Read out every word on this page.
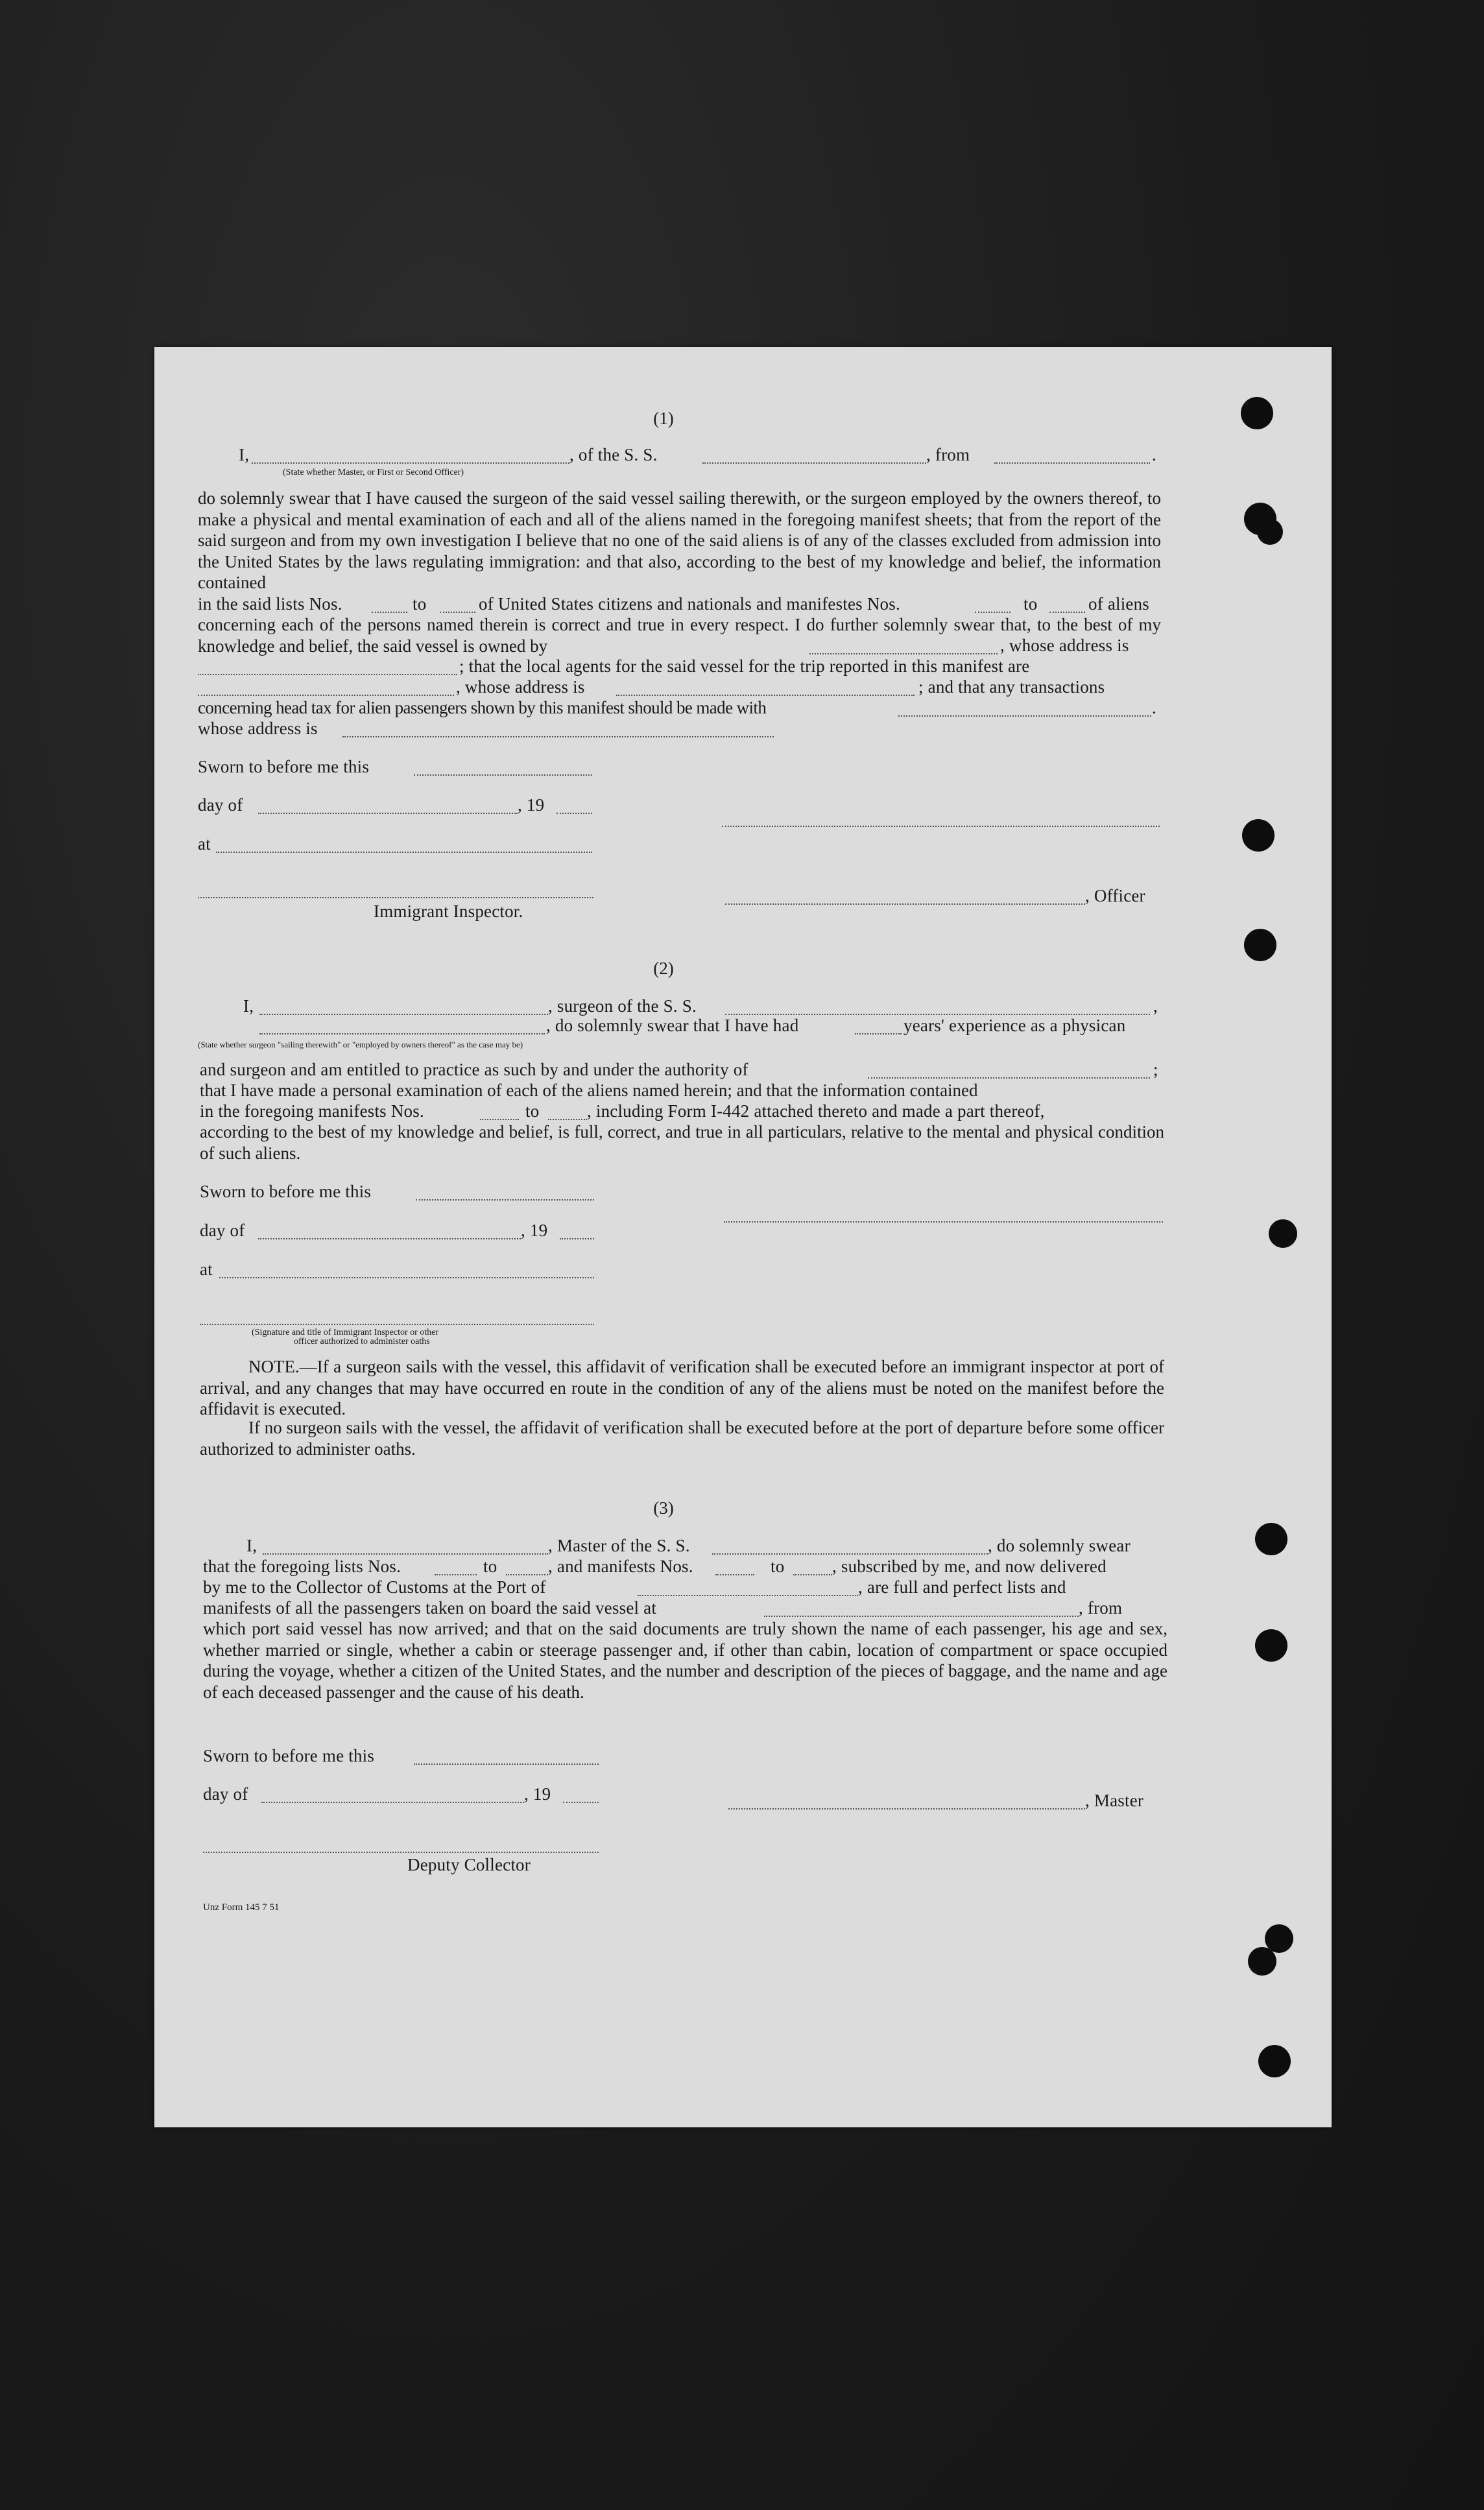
(1)
I,	, of the S. S.	, from	.
(State whether Master, or First or Second Officer)
do solemnly swear that I have caused the surgeon of the said vessel sailing therewith, or the surgeon employed by the owners thereof, to make a physical and mental examination of each and all of the aliens named in the foregoing manifest sheets; that from the report of the said surgeon and from my own investigation I believe that no one of the said aliens is of any of the classes excluded from admission into the United States by the laws regulating immigration: and that also, according to the best of my knowledge and belief, the information contained
in the said lists Nos.	to	of United States citizens and nationals and manifestes Nos.	to	of aliens
concerning each of the persons named therein is correct and true in every respect. I do further solemnly swear that, to the best of my knowledge and belief, the said vessel is owned by	, whose address is
; that the local agents for the said vessel for the trip reported in this manifest are
, whose address is	; and that any transactions
concerning head tax for alien passengers shown by this manifest should be made with	.
whose address is
Sworn to before me this
day of	, 19
at
, Officer
Immigrant Inspector.
(2)
I,	, surgeon of the S. S.	,
, do solemnly swear that I have had	years' experience as a physican
(State whether surgeon "sailing therewith" or "employed by owners thereof" as the case may be)
and surgeon and am entitled to practice as such by and under the authority of	;
that I have made a personal examination of each of the aliens named herein; and that the information contained
in the foregoing manifests Nos.	to	, including Form I-442 attached thereto and made a part thereof,
according to the best of my knowledge and belief, is full, correct, and true in all particulars, relative to the mental and physical condition of such aliens.
Sworn to before me this
day of	, 19
at
(Signature and title of Immigrant Inspector or other
officer authorized to administer oaths
NOTE.—If a surgeon sails with the vessel, this affidavit of verification shall be executed before an immigrant inspector at port of arrival, and any changes that may have occurred en route in the condition of any of the aliens must be noted on the manifest before the affidavit is executed.
If no surgeon sails with the vessel, the affidavit of verification shall be executed before at the port of departure before some officer authorized to administer oaths.
(3)
I,	, Master of the S. S.	, do solemnly swear
that the foregoing lists Nos.	to	, and manifests Nos.	to	, subscribed by me, and now delivered
by me to the Collector of Customs at the Port of	, are full and perfect lists and
manifests of all the passengers taken on board the said vessel at	, from
which port said vessel has now arrived; and that on the said documents are truly shown the name of each passenger, his age and sex, whether married or single, whether a cabin or steerage passenger and, if other than cabin, location of compartment or space occupied during the voyage, whether a citizen of the United States, and the number and description of the pieces of baggage, and the name and age of each deceased passenger and the cause of his death.
Sworn to before me this
day of	, 19	, Master
Deputy Collector
Unz Form 145 7 51
